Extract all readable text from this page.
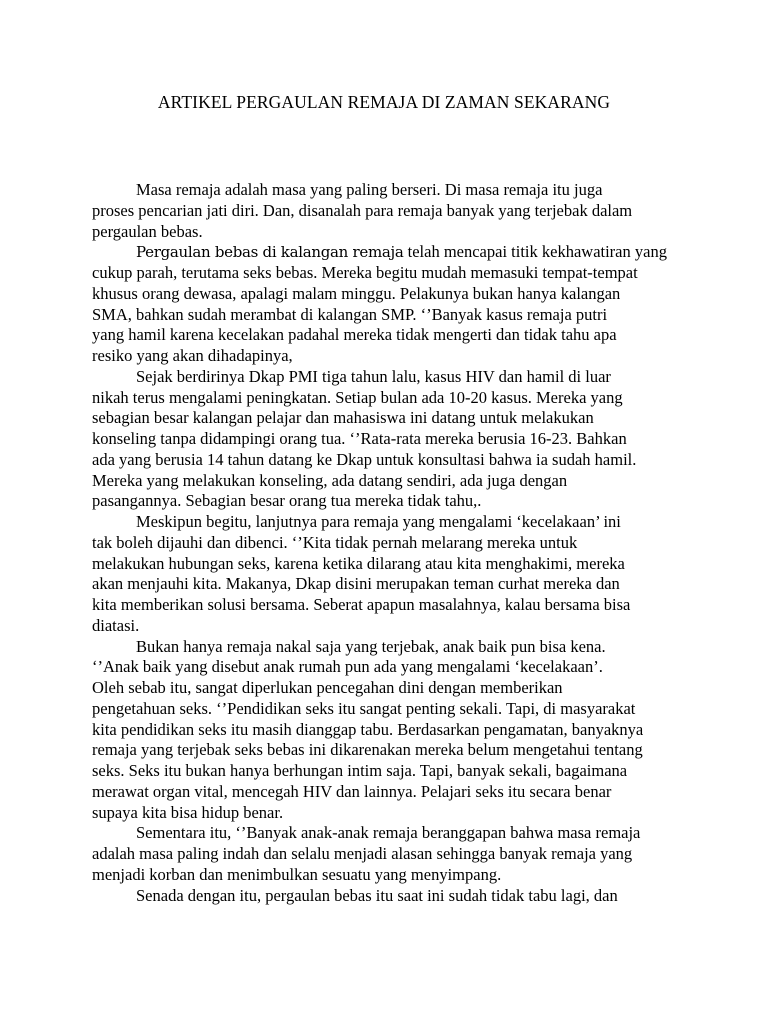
ARTIKEL PERGAULAN REMAJA DI ZAMAN SEKARANG
Masa remaja adalah masa yang paling berseri. Di masa remaja itu juga
proses pencarian jati diri. Dan, disanalah para remaja banyak yang terjebak dalam
pergaulan bebas.
Pergaulan bebas di kalangan remaja telah mencapai titik kekhawatiran yang
cukup parah, terutama seks bebas. Mereka begitu mudah memasuki tempat-tempat
khusus orang dewasa, apalagi malam minggu. Pelakunya bukan hanya kalangan
SMA, bahkan sudah merambat di kalangan SMP. ‘’Banyak kasus remaja putri
yang hamil karena kecelakan padahal mereka tidak mengerti dan tidak tahu apa
resiko yang akan dihadapinya,
Sejak berdirinya Dkap PMI tiga tahun lalu, kasus HIV dan hamil di luar
nikah terus mengalami peningkatan. Setiap bulan ada 10-20 kasus. Mereka yang
sebagian besar kalangan pelajar dan mahasiswa ini datang untuk melakukan
konseling tanpa didampingi orang tua. ‘’Rata-rata mereka berusia 16-23. Bahkan
ada yang berusia 14 tahun datang ke Dkap untuk konsultasi bahwa ia sudah hamil.
Mereka yang melakukan konseling, ada datang sendiri, ada juga dengan
pasangannya. Sebagian besar orang tua mereka tidak tahu,.
Meskipun begitu, lanjutnya para remaja yang mengalami ‘kecelakaan’ ini
tak boleh dijauhi dan dibenci. ‘’Kita tidak pernah melarang mereka untuk
melakukan hubungan seks, karena ketika dilarang atau kita menghakimi, mereka
akan menjauhi kita. Makanya, Dkap disini merupakan teman curhat mereka dan
kita memberikan solusi bersama. Seberat apapun masalahnya, kalau bersama bisa
diatasi.
Bukan hanya remaja nakal saja yang terjebak, anak baik pun bisa kena.
‘’Anak baik yang disebut anak rumah pun ada yang mengalami ‘kecelakaan’.
Oleh sebab itu, sangat diperlukan pencegahan dini dengan memberikan
pengetahuan seks. ‘’Pendidikan seks itu sangat penting sekali. Tapi, di masyarakat
kita pendidikan seks itu masih dianggap tabu. Berdasarkan pengamatan, banyaknya
remaja yang terjebak seks bebas ini dikarenakan mereka belum mengetahui tentang
seks. Seks itu bukan hanya berhungan intim saja. Tapi, banyak sekali, bagaimana
merawat organ vital, mencegah HIV dan lainnya. Pelajari seks itu secara benar
supaya kita bisa hidup benar.
Sementara itu, ‘’Banyak anak-anak remaja beranggapan bahwa masa remaja
adalah masa paling indah dan selalu menjadi alasan sehingga banyak remaja yang
menjadi korban dan menimbulkan sesuatu yang menyimpang.
Senada dengan itu, pergaulan bebas itu saat ini sudah tidak tabu lagi, dan
